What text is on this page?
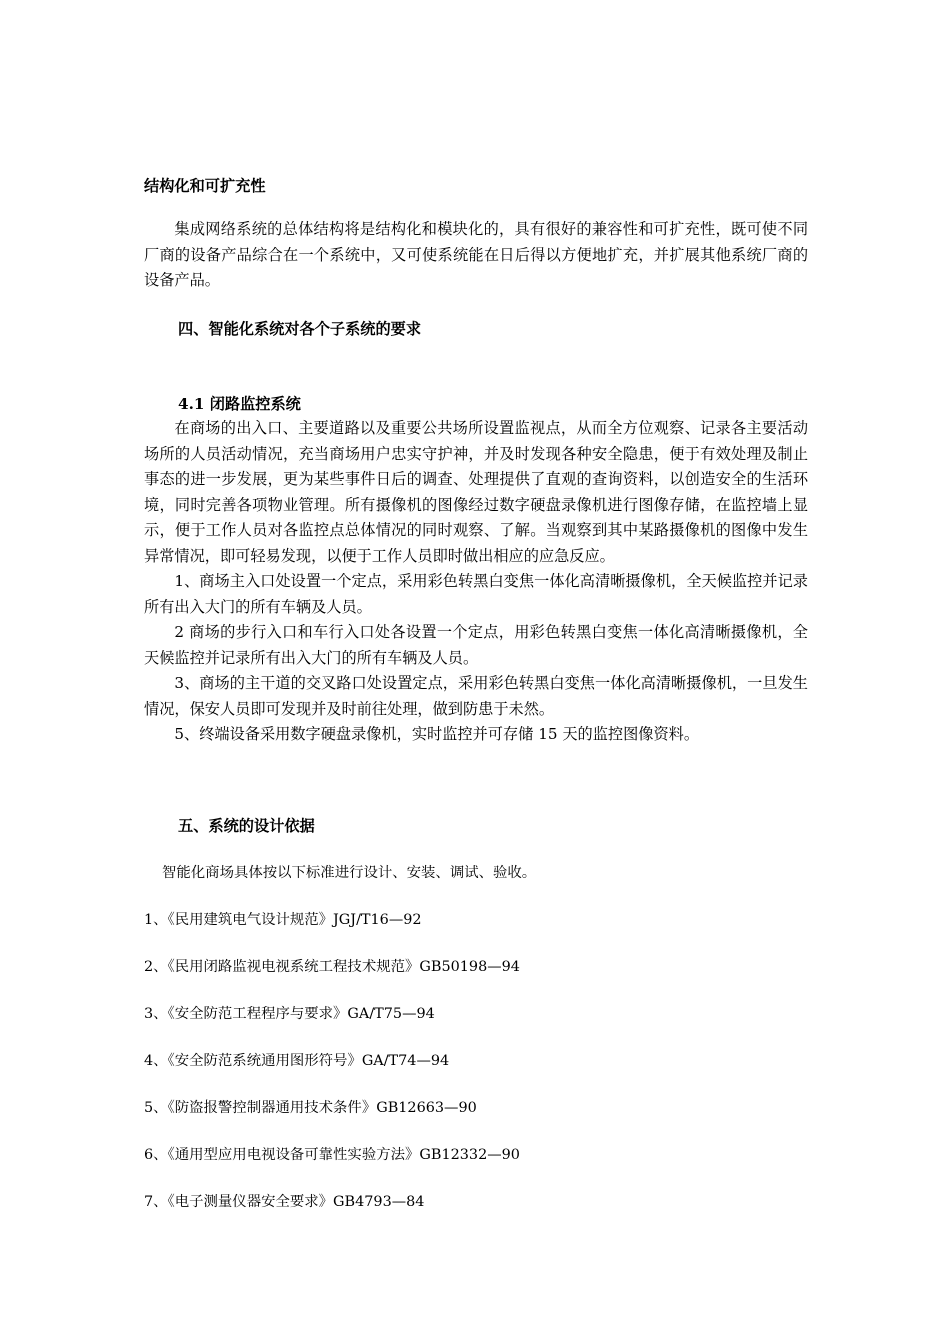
结构化和可扩充性

集成网络系统的总体结构将是结构化和模块化的，具有很好的兼容性和可扩充性，既可使不同厂商的设备产品综合在一个系统中，又可使系统能在日后得以方便地扩充，并扩展其他系统厂商的设备产品。

四、智能化系统对各个子系统的要求
4.1 闭路监控系统

在商场的出入口、主要道路以及重要公共场所设置监视点，从而全方位观察、记录各主要活动场所的人员活动情况，充当商场用户忠实守护神，并及时发现各种安全隐患，便于有效处理及制止事态的进一步发展，更为某些事件日后的调查、处理提供了直观的查询资料，以创造安全的生活环境，同时完善各项物业管理。所有摄像机的图像经过数字硬盘录像机进行图像存储，在监控墙上显示，便于工作人员对各监控点总体情况的同时观察、了解。当观察到其中某路摄像机的图像中发生异常情况，即可轻易发现，以便于工作人员即时做出相应的应急反应。

1、商场主入口处设置一个定点，采用彩色转黑白变焦一体化高清晰摄像机，全天候监控并记录所有出入大门的所有车辆及人员。

2 商场的步行入口和车行入口处各设置一个定点，用彩色转黑白变焦一体化高清晰摄像机，全天候监控并记录所有出入大门的所有车辆及人员。

3、商场的主干道的交叉路口处设置定点，采用彩色转黑白变焦一体化高清晰摄像机，一旦发生情况，保安人员即可发现并及时前往处理，做到防患于未然。

5、终端设备采用数字硬盘录像机，实时监控并可存储 15 天的监控图像资料。

五、系统的设计依据
智能化商场具体按以下标准进行设计、安装、调试、验收。
1、《民用建筑电气设计规范》JGJ/T16—92
2、《民用闭路监视电视系统工程技术规范》GB50198—94
3、《安全防范工程程序与要求》GA/T75—94
4、《安全防范系统通用图形符号》GA/T74—94
5、《防盗报警控制器通用技术条件》GB12663—90
6、《通用型应用电视设备可靠性实验方法》GB12332—90
7、《电子测量仪器安全要求》GB4793—84
